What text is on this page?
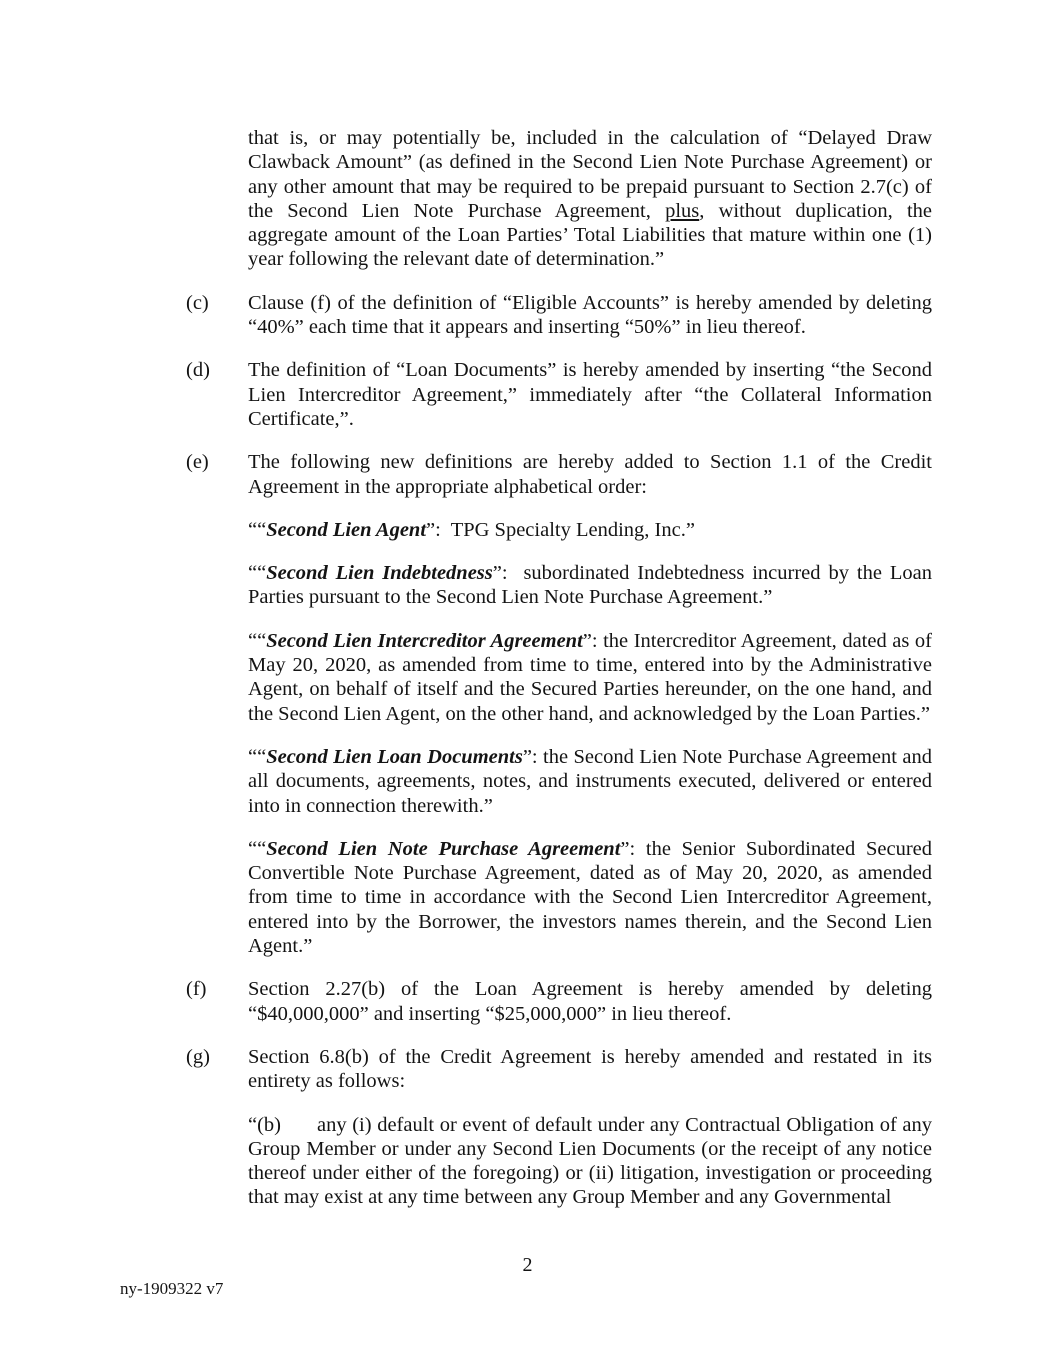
that is, or may potentially be, included in the calculation of “Delayed Draw Clawback Amount” (as defined in the Second Lien Note Purchase Agreement) or any other amount that may be required to be prepaid pursuant to Section 2.7(c) of the Second Lien Note Purchase Agreement, plus, without duplication, the aggregate amount of the Loan Parties’ Total Liabilities that mature within one (1) year following the relevant date of determination.”
(c) Clause (f) of the definition of “Eligible Accounts” is hereby amended by deleting “40%” each time that it appears and inserting “50%” in lieu thereof.
(d) The definition of “Loan Documents” is hereby amended by inserting “the Second Lien Intercreditor Agreement,” immediately after “the Collateral Information Certificate,”.
(e) The following new definitions are hereby added to Section 1.1 of the Credit Agreement in the appropriate alphabetical order:
““Second Lien Agent”:  TPG Specialty Lending, Inc.”
““Second Lien Indebtedness”:  subordinated Indebtedness incurred by the Loan Parties pursuant to the Second Lien Note Purchase Agreement.”
““Second Lien Intercreditor Agreement”: the Intercreditor Agreement, dated as of May 20, 2020, as amended from time to time, entered into by the Administrative Agent, on behalf of itself and the Secured Parties hereunder, on the one hand, and the Second Lien Agent, on the other hand, and acknowledged by the Loan Parties.”
““Second Lien Loan Documents”: the Second Lien Note Purchase Agreement and all documents, agreements, notes, and instruments executed, delivered or entered into in connection therewith.”
““Second Lien Note Purchase Agreement”: the Senior Subordinated Secured Convertible Note Purchase Agreement, dated as of May 20, 2020, as amended from time to time in accordance with the Second Lien Intercreditor Agreement, entered into by the Borrower, the investors names therein, and the Second Lien Agent.”
(f) Section 2.27(b) of the Loan Agreement is hereby amended by deleting “$40,000,000” and inserting “$25,000,000” in lieu thereof.
(g) Section 6.8(b) of the Credit Agreement is hereby amended and restated in its entirety as follows:
“(b) any (i) default or event of default under any Contractual Obligation of any Group Member or under any Second Lien Documents (or the receipt of any notice thereof under either of the foregoing) or (ii) litigation, investigation or proceeding that may exist at any time between any Group Member and any Governmental
2
ny-1909322 v7
